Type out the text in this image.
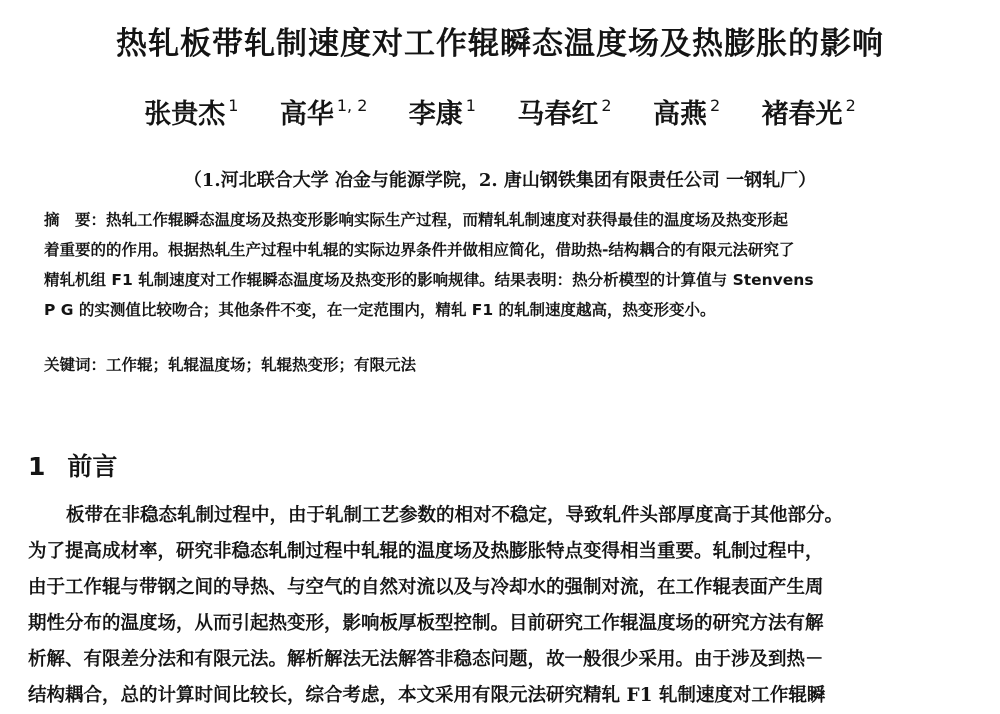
热轧板带轧制速度对工作辊瞬态温度场及热膨胀的影响
张贵杰 $^1$ 高华 $^{1, 2}$ 李康 $^1$ 马春红 $^2$ 高燕 $^2$ 褚春光 $^2$
（1.河北联合大学 冶金与能源学院，2. 唐山钢铁集团有限责任公司 一钢轧厂）
摘　要：热轧工作辊瞬态温度场及热变形影响实际生产过程，而精轧轧制速度对获得最佳的温度场及热变形起
着重要的的作用。根据热轧生产过程中轧辊的实际边界条件并做相应简化，借助热-结构耦合的有限元法研究了
精轧机组 F1 轧制速度对工作辊瞬态温度场及热变形的影响规律。结果表明：热分析模型的计算值与 Stenvens
P G 的实测值比较吻合；其他条件不变，在一定范围内，精轧 F1 的轧制速度越高，热变形变小。
关键词：工作辊；轧辊温度场；轧辊热变形；有限元法
1 前言
板带在非稳态轧制过程中，由于轧制工艺参数的相对不稳定，导致轧件头部厚度高于其他部分。
为了提高成材率，研究非稳态轧制过程中轧辊的温度场及热膨胀特点变得相当重要。轧制过程中，
由于工作辊与带钢之间的导热、与空气的自然对流以及与冷却水的强制对流，在工作辊表面产生周
期性分布的温度场，从而引起热变形，影响板厚板型控制。目前研究工作辊温度场的研究方法有解
析解、有限差分法和有限元法。解析解法无法解答非稳态问题，故一般很少采用。由于涉及到热－
结构耦合，总的计算时间比较长，综合考虑，本文采用有限元法研究精轧 F1 轧制速度对工作辊瞬
